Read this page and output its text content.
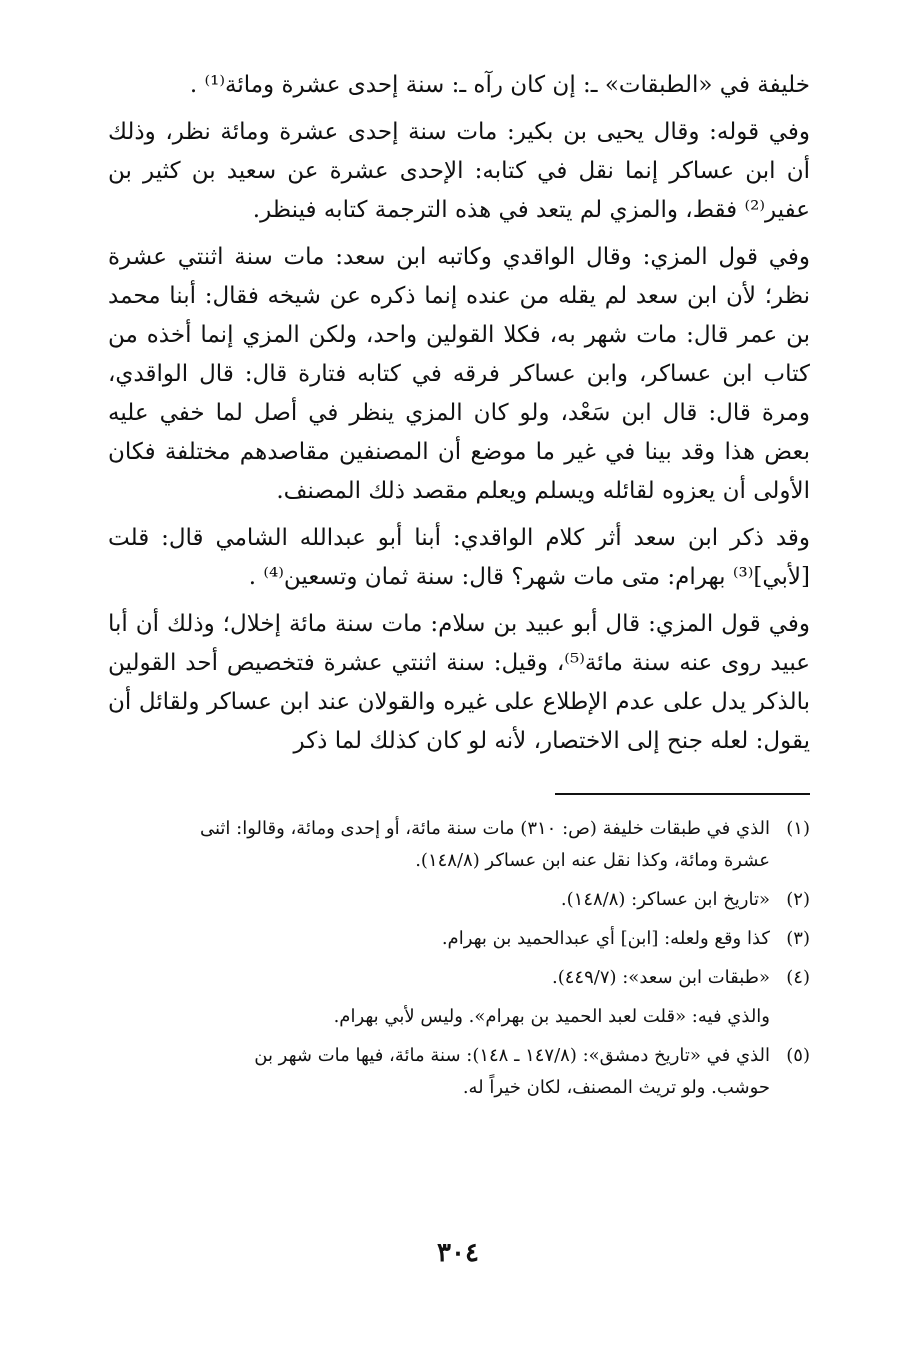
خليفة في «الطبقات» ـ: إن كان رآه ـ: سنة إحدى عشرة ومائة⁽¹⁾ .

وفي قوله: وقال يحيى بن بكير: مات سنة إحدى عشرة ومائة نظر، وذلك أن ابن عساكر إنما نقل في كتابه: الإحدى عشرة عن سعيد بن كثير بن عفير⁽²⁾ فقط، والمزي لم يتعد في هذه الترجمة كتابه فينظر.

وفي قول المزي: وقال الواقدي وكاتبه ابن سعد: مات سنة اثنتي عشرة نظر؛ لأن ابن سعد لم يقله من عنده إنما ذكره عن شيخه فقال: أبنا محمد بن عمر قال: مات شهر به، فكلا القولين واحد، ولكن المزي إنما أخذه من كتاب ابن عساكر، وابن عساكر فرقه في كتابه فتارة قال: قال الواقدي، ومرة قال: قال ابن سَعْد، ولو كان المزي ينظر في أصل لما خفي عليه بعض هذا وقد بينا في غير ما موضع أن المصنفين مقاصدهم مختلفة فكان الأولى أن يعزوه لقائله ويسلم ويعلم مقصد ذلك المصنف.

وقد ذكر ابن سعد أثر كلام الواقدي: أبنا أبو عبدالله الشامي قال: قلت [لأبي]⁽³⁾ بهرام: متى مات شهر؟ قال: سنة ثمان وتسعين⁽⁴⁾ .

وفي قول المزي: قال أبو عبيد بن سلام: مات سنة مائة إخلال؛ وذلك أن أبا عبيد روى عنه سنة مائة⁽⁵⁾، وقيل: سنة اثنتي عشرة فتخصيص أحد القولين بالذكر يدل على عدم الإطلاع على غيره والقولان عند ابن عساكر ولقائل أن يقول: لعله جنح إلى الاختصار، لأنه لو كان كذلك لما ذكر

(١)الذي في طبقات خليفة (ص: ٣١٠) مات سنة مائة، أو إحدى ومائة، وقالوا: اثنى
عشرة ومائة، وكذا نقل عنه ابن عساكر (١٤٨/٨).

(٢)«تاريخ ابن عساكر: (١٤٨/٨).

(٣)كذا وقع ولعله: [ابن] أي عبدالحميد بن بهرام.

(٤)«طبقات ابن سعد»: (٤٤٩/٧).

والذي فيه: «قلت لعبد الحميد بن بهرام». وليس لأبي بهرام.

(٥)الذي في «تاريخ دمشق»: (١٤٧/٨ ـ ١٤٨): سنة مائة، فيها مات شهر بن
حوشب. ولو تريث المصنف، لكان خيراً له.

٣٠٤
